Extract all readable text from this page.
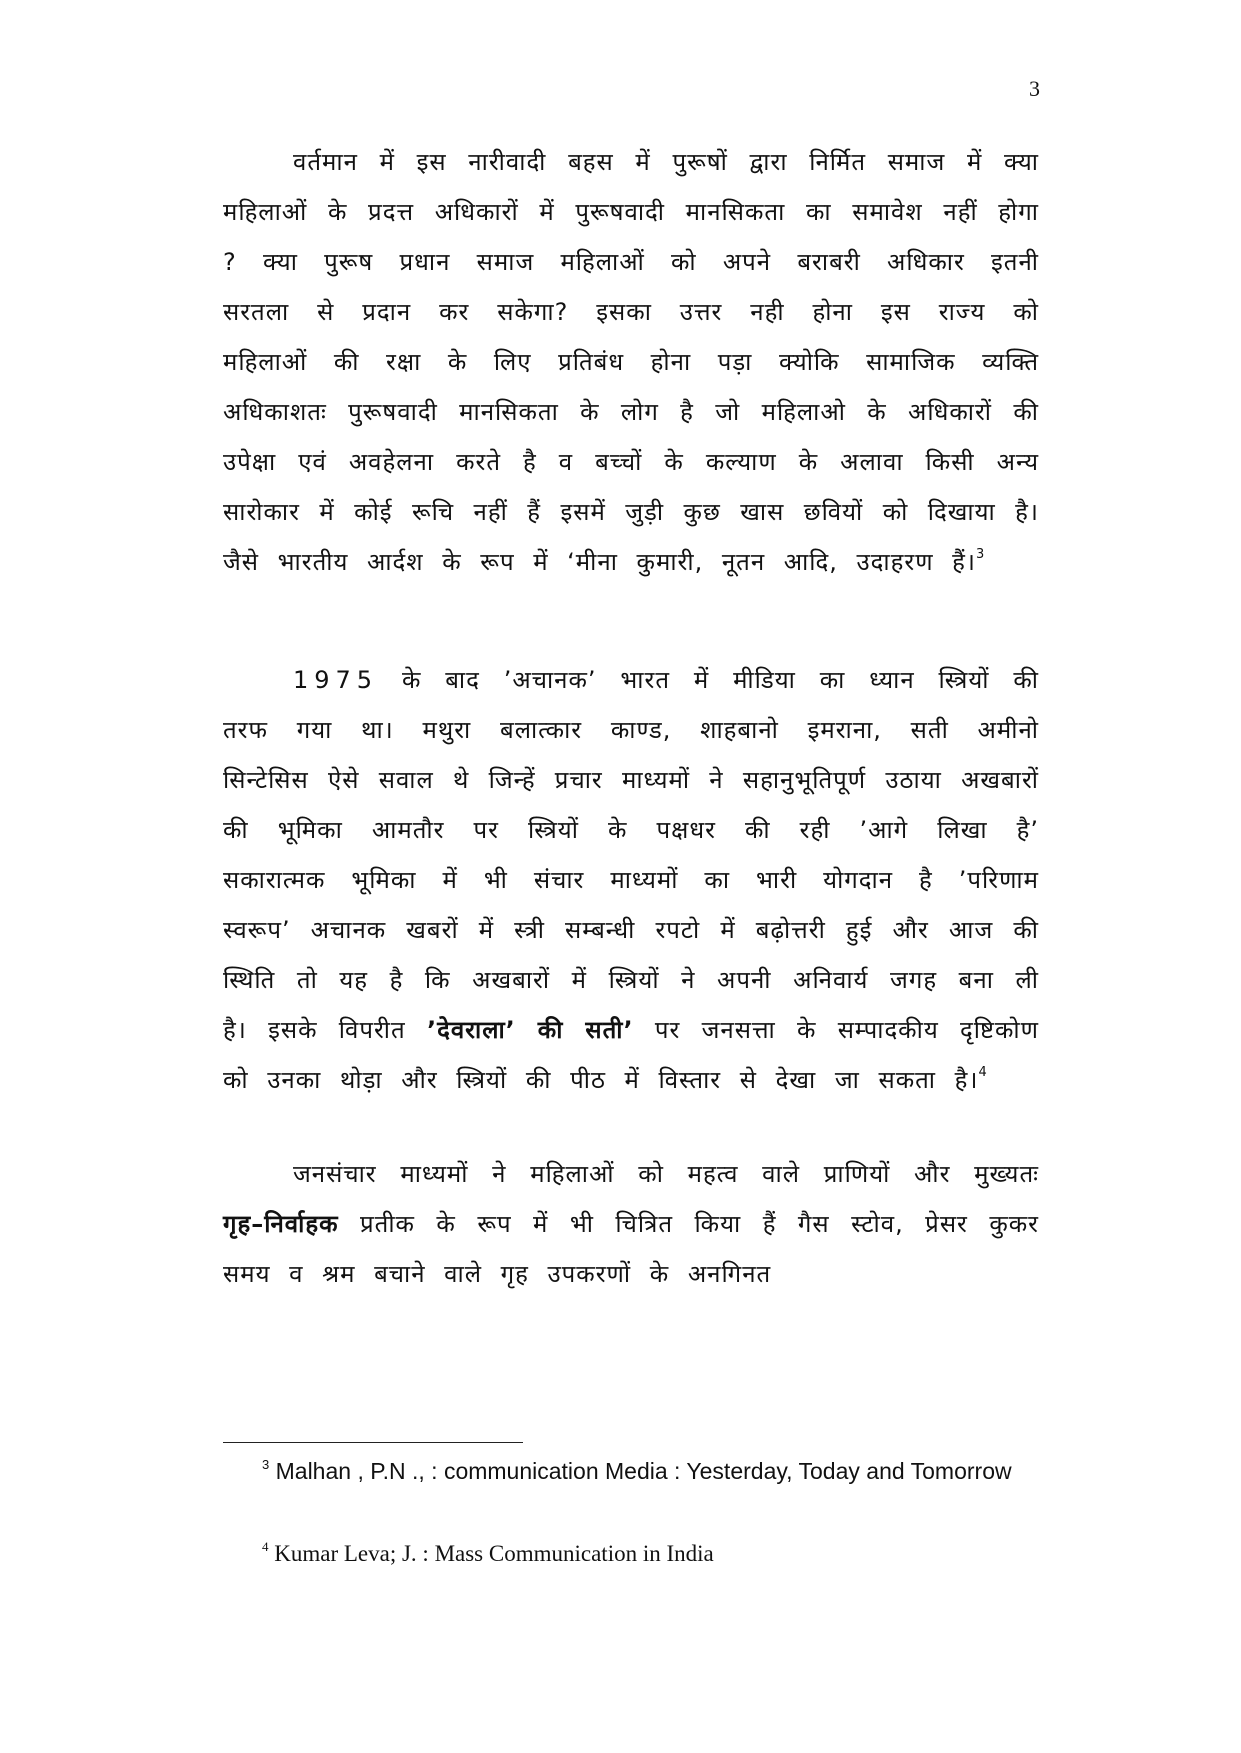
3

वर्तमान में इस नारीवादी बहस में पुरूषों द्वारा निर्मित समाज में क्या महिलाओं के प्रदत्त अधिकारों में पुरूषवादी मानसिकता का समावेश नहीं होगा ? क्या पुरूष प्रधान समाज महिलाओं को अपने बराबरी अधिकार इतनी सरतला से प्रदान कर सकेगा? इसका उत्तर नही होना इस राज्य को महिलाओं की रक्षा के लिए प्रतिबंध होना पड़ा क्योकि सामाजिक व्यक्ति अधिकाशतः पुरूषवादी मानसिकता के लोग है जो महिलाओ के अधिकारों की उपेक्षा एवं अवहेलना करते है व बच्चों के कल्याण के अलावा किसी अन्य सारोकार में कोई रूचि नहीं हैं इसमें जुड़ी कुछ खास छवियों को दिखाया है। जैसे भारतीय आर्दश के रूप में ‘मीना कुमारी, नूतन आदि, उदाहरण हैं।$^3$

1975 के बाद ’अचानक’ भारत में मीडिया का ध्यान स्त्रियों की तरफ गया था। मथुरा बलात्कार काण्ड, शाहबानो इमराना, सती अमीनो सिन्टेसिस ऐसे सवाल थे जिन्हें प्रचार माध्यमों ने सहानुभूतिपूर्ण उठाया अखबारों की भूमिका आमतौर पर स्त्रियों के पक्षधर की रही ’आगे लिखा है’ सकारात्मक भूमिका में भी संचार माध्यमों का भारी योगदान है ’परिणाम स्वरूप’ अचानक खबरों में स्त्री सम्बन्धी रपटो में बढ़ोत्तरी हुई और आज की स्थिति तो यह है कि अखबारों में स्त्रियों ने अपनी अनिवार्य जगह बना ली है। इसके विपरीत ’देवराला’ की सती’ पर जनसत्ता के सम्पादकीय दृष्टिकोण को उनका थोड़ा और स्त्रियों की पीठ में विस्तार से देखा जा सकता है।$^4$

जनसंचार माध्यमों ने महिलाओं को महत्व वाले प्राणियों और मुख्यतः गृह–निर्वाहक प्रतीक के रूप में भी चित्रित किया हैं गैस स्टोव, प्रेसर कुकर समय व श्रम बचाने वाले गृह उपकरणों के अनगिनत

$^3$ Malhan , P.N ., : communication Media : Yesterday, Today and Tomorrow

$^4$ Kumar Leva; J. : Mass Communication in India
